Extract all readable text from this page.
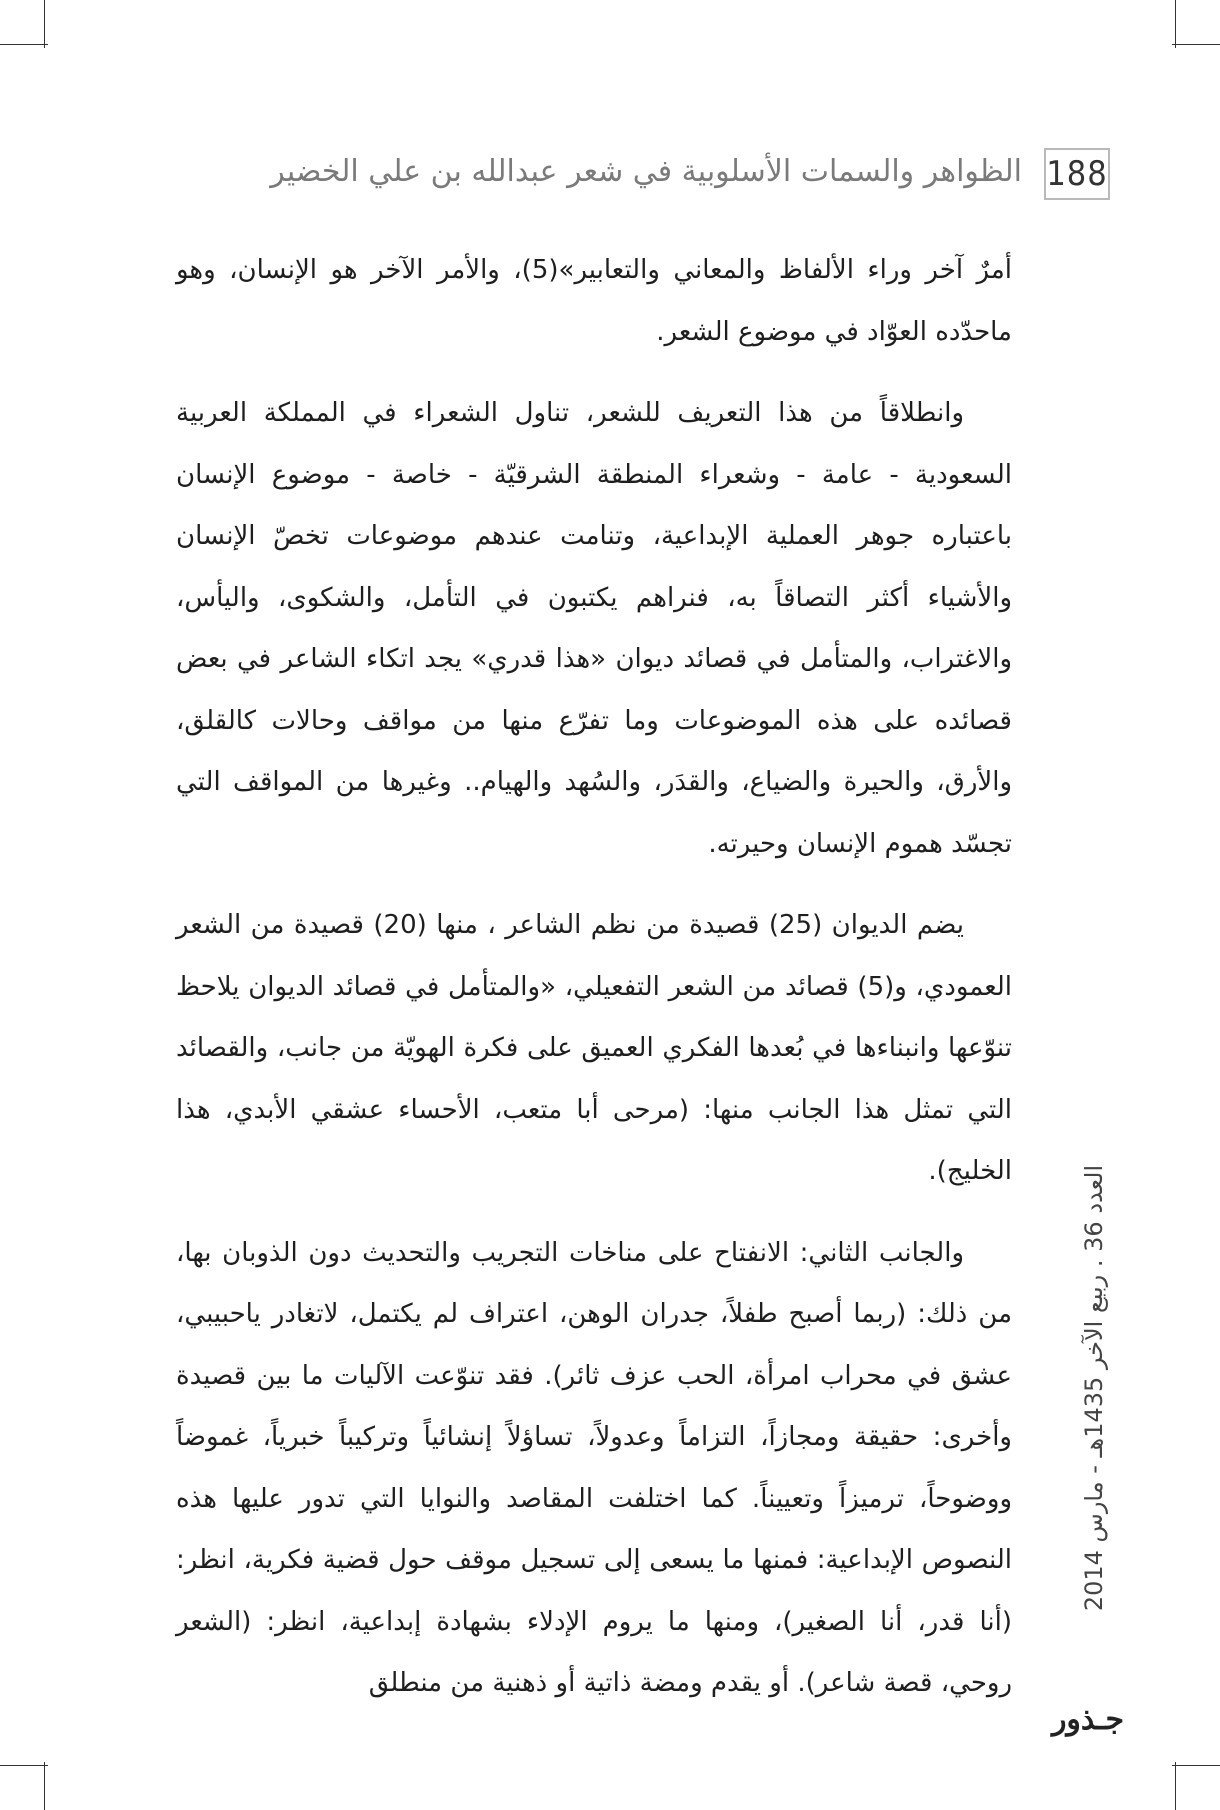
188
الظواهر والسمات الأسلوبية في شعر عبدالله بن علي الخضير

أمرٌ آخر وراء الألفاظ والمعاني والتعابير»(5)، والأمر الآخر هو الإنسان، وهو ماحدّده العوّاد في موضوع الشعر.

وانطلاقاً من هذا التعريف للشعر، تناول الشعراء في المملكة العربية السعودية - عامة - وشعراء المنطقة الشرقيّة - خاصة - موضوع الإنسان باعتباره جوهر العملية الإبداعية، وتنامت عندهم موضوعات تخصّ الإنسان والأشياء أكثر التصاقاً به، فنراهم يكتبون في التأمل، والشكوى، واليأس، والاغتراب، والمتأمل في قصائد ديوان «هذا قدري» يجد اتكاء الشاعر في بعض قصائده على هذه الموضوعات وما تفرّع منها من مواقف وحالات كالقلق، والأرق، والحيرة والضياع، والقدَر، والسُهد والهيام.. وغيرها من المواقف التي تجسّد هموم الإنسان وحيرته.

يضم الديوان (25) قصيدة من نظم الشاعر ، منها (20) قصيدة من الشعر العمودي، و(5) قصائد من الشعر التفعيلي، «والمتأمل في قصائد الديوان يلاحظ تنوّعها وانبناءها في بُعدها الفكري العميق على فكرة الهويّة من جانب، والقصائد التي تمثل هذا الجانب منها: (مرحى أبا متعب، الأحساء عشقي الأبدي، هذا الخليج).

والجانب الثاني: الانفتاح على مناخات التجريب والتحديث دون الذوبان بها، من ذلك: (ربما أصبح طفلاً، جدران الوهن، اعتراف لم يكتمل، لاتغادر ياحبيبي، عشق في محراب امرأة، الحب عزف ثائر). فقد تنوّعت الآليات ما بين قصيدة وأخرى: حقيقة ومجازاً، التزاماً وعدولاً، تساؤلاً إنشائياً وتركيباً خبرياً، غموضاً ووضوحاً، ترميزاً وتعييناً. كما اختلفت المقاصد والنوايا التي تدور عليها هذه النصوص الإبداعية: فمنها ما يسعى إلى تسجيل موقف حول قضية فكرية، انظر: (أنا قدر، أنا الصغير)، ومنها ما يروم الإدلاء بشهادة إبداعية، انظر: (الشعر روحي، قصة شاعر). أو يقدم ومضة ذاتية أو ذهنية من منطلق

العدد 36 . ربيع الآخر 1435هـ - مارس 2014
جـذور
